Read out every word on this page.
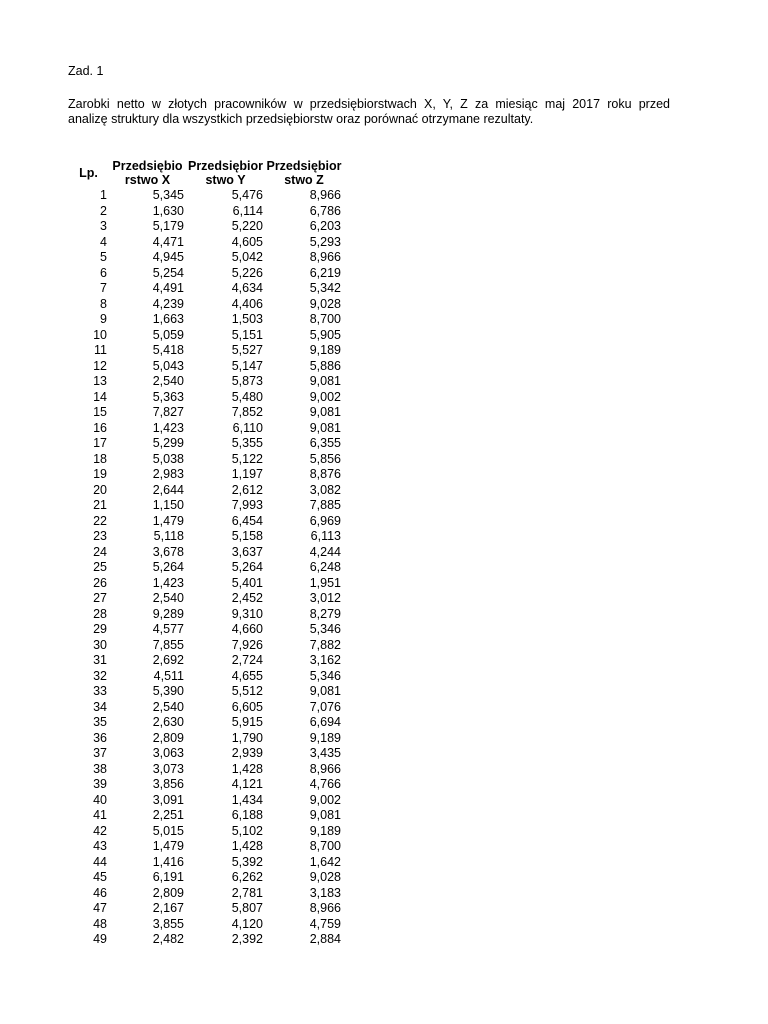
Zad. 1
Zarobki netto w złotych pracowników w przedsiębiorstwach X, Y, Z za miesiąc maj 2017 roku przed
analizę struktury dla wszystkich przedsiębiorstw oraz porównać otrzymane rezultaty.
Lp.	Przedsiębiorstwo X	Przedsiębiorstwo Y	Przedsiębiorstwo Z
1	5,345	5,476	8,966
2	1,630	6,114	6,786
3	5,179	5,220	6,203
4	4,471	4,605	5,293
5	4,945	5,042	8,966
6	5,254	5,226	6,219
7	4,491	4,634	5,342
8	4,239	4,406	9,028
9	1,663	1,503	8,700
10	5,059	5,151	5,905
11	5,418	5,527	9,189
12	5,043	5,147	5,886
13	2,540	5,873	9,081
14	5,363	5,480	9,002
15	7,827	7,852	9,081
16	1,423	6,110	9,081
17	5,299	5,355	6,355
18	5,038	5,122	5,856
19	2,983	1,197	8,876
20	2,644	2,612	3,082
21	1,150	7,993	7,885
22	1,479	6,454	6,969
23	5,118	5,158	6,113
24	3,678	3,637	4,244
25	5,264	5,264	6,248
26	1,423	5,401	1,951
27	2,540	2,452	3,012
28	9,289	9,310	8,279
29	4,577	4,660	5,346
30	7,855	7,926	7,882
31	2,692	2,724	3,162
32	4,511	4,655	5,346
33	5,390	5,512	9,081
34	2,540	6,605	7,076
35	2,630	5,915	6,694
36	2,809	1,790	9,189
37	3,063	2,939	3,435
38	3,073	1,428	8,966
39	3,856	4,121	4,766
40	3,091	1,434	9,002
41	2,251	6,188	9,081
42	5,015	5,102	9,189
43	1,479	1,428	8,700
44	1,416	5,392	1,642
45	6,191	6,262	9,028
46	2,809	2,781	3,183
47	2,167	5,807	8,966
48	3,855	4,120	4,759
49	2,482	2,392	2,884
